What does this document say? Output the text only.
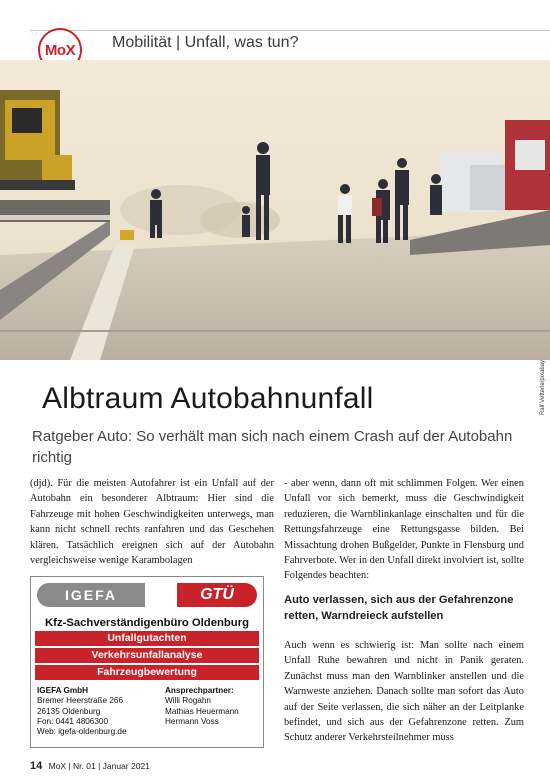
MoX Mobilität | Unfall, was tun?
Ralf Vetterle/pixabay
Albtraum Autobahnunfall
Ratgeber Auto: So verhält man sich nach einem Crash auf der Autobahn richtig
(djd). Für die meisten Autofahrer ist ein Unfall auf der Autobahn ein besonderer Albtraum: Hier sind die Fahrzeuge mit hohen Geschwindigkeiten unterwegs, man kann nicht schnell rechts ranfahren und das Geschehen klären. Tatsächlich ereignen sich auf der Autobahn vergleichsweise wenige Karambolagen
- aber wenn, dann oft mit schlimmen Folgen. Wer einen Unfall vor sich bemerkt, muss die Geschwindigkeit reduzieren, die Warnblinkanlage einschalten und für die Rettungsfahrzeuge eine Rettungsgasse bilden. Bei Missachtung drohen Bußgelder, Punkte in Flensburg und Fahrverbote. Wer in den Unfall direkt involviert ist, sollte Folgendes beachten:
Auto verlassen, sich aus der Gefahrenzone retten, Warndreieck aufstellen
Auch wenn es schwierig ist: Man sollte nach einem Unfall Ruhe bewahren und nicht in Panik geraten. Zunächst muss man den Warnblinker anstellen und die Warnweste anziehen. Danach sollte man sofort das Auto auf der Seite verlassen, die sich näher an der Leitplanke befindet, und sich aus der Gefahrenzone retten. Zum Schutz anderer Verkehrsteilnehmer muss
IGEFA	GTÜ
Kfz-Sachverständigenbüro Oldenburg
Unfallgutachten
Verkehrsunfallanalyse
Fahrzeugbewertung
IGEFA GmbH
Bremer Heerstraße 266
26135 Oldenburg
Fon: 0441 4806300
Web: igefa-oldenburg.de
Ansprechpartner:
Willi Rogahn
Mathias Heuermann
Hermann Voss
14 MoX | Nr. 01 | Januar 2021
